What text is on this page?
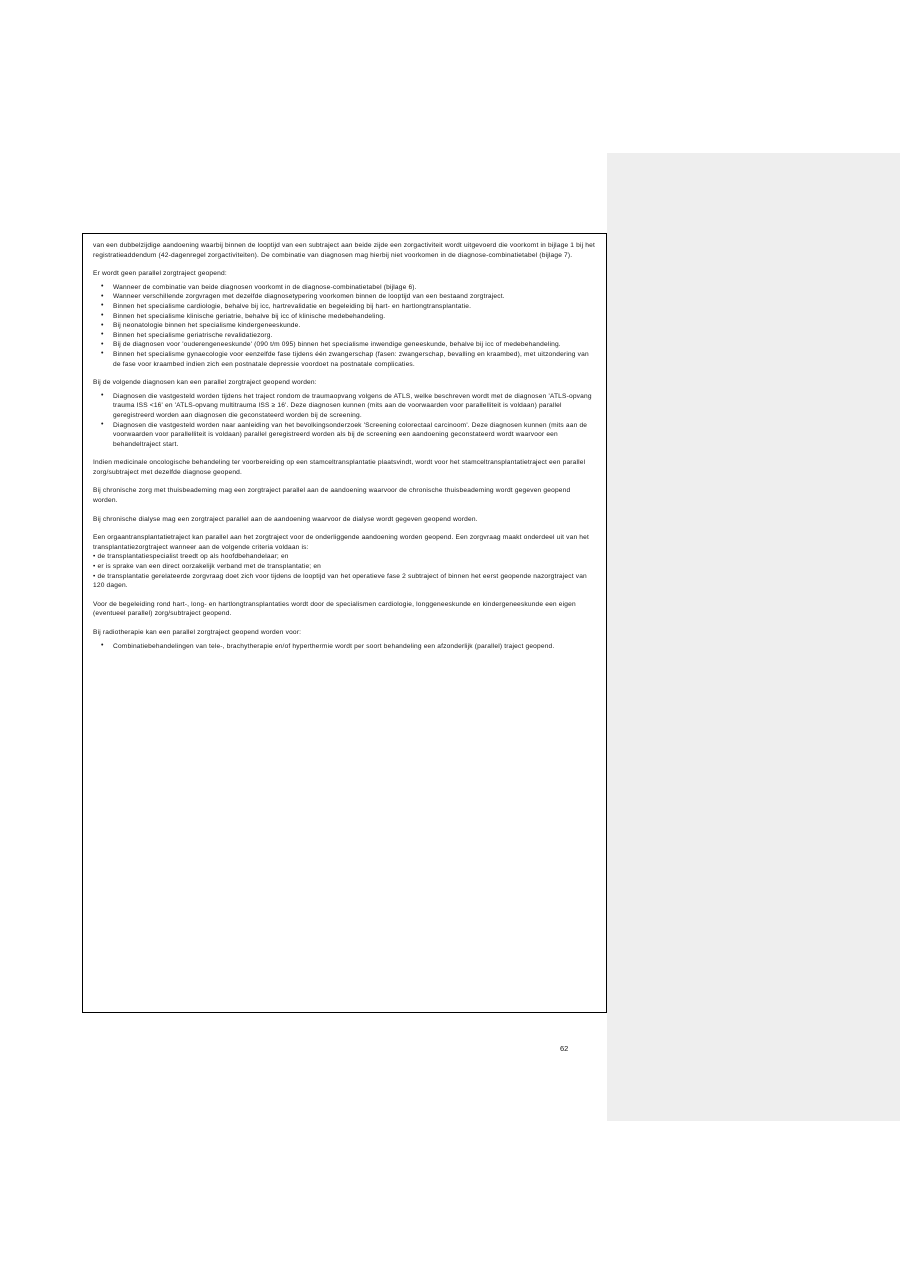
van een dubbelzijdige aandoening waarbij binnen de looptijd van een subtraject aan beide zijde een zorgactiviteit wordt uitgevoerd die voorkomt in bijlage 1 bij het registratieaddendum (42-dagenregel zorgactiviteiten). De combinatie van diagnosen mag hierbij niet voorkomen in de diagnose-combinatietabel (bijlage 7).

Er wordt geen parallel zorgtraject geopend:

• Wanneer de combinatie van beide diagnosen voorkomt in de diagnose-combinatietabel (bijlage 6).
• Wanneer verschillende zorgvragen met dezelfde diagnosetypering voorkomen binnen de looptijd van een bestaand zorgtraject.
• Binnen het specialisme cardiologie, behalve bij icc, hartrevalidatie en begeleiding bij hart- en hartlongtransplantatie.
• Binnen het specialisme klinische geriatrie, behalve bij icc of klinische medebehandeling.
• Bij neonatologie binnen het specialisme kindergeneeskunde.
• Binnen het specialisme geriatrische revalidatiezorg.
• Bij de diagnosen voor 'ouderengeneeskunde' (090 t/m 095) binnen het specialisme inwendige geneeskunde, behalve bij icc of medebehandeling.
• Binnen het specialisme gynaecologie voor eenzelfde fase tijdens één zwangerschap (fasen: zwangerschap, bevalling en kraambed), met uitzondering van de fase voor kraambed indien zich een postnatale depressie voordoet na postnatale complicaties.

Bij de volgende diagnosen kan een parallel zorgtraject geopend worden:

• Diagnosen die vastgesteld worden tijdens het traject rondom de traumaopvang volgens de ATLS, welke beschreven wordt met de diagnosen 'ATLS-opvang trauma ISS <16' en 'ATLS-opvang multitrauma ISS ≥ 16'. Deze diagnosen kunnen (mits aan de voorwaarden voor parallelliteit is voldaan) parallel geregistreerd worden aan diagnosen die geconstateerd worden bij de screening.
• Diagnosen die vastgesteld worden naar aanleiding van het bevolkingsonderzoek 'Screening colorectaal carcinoom'. Deze diagnosen kunnen (mits aan de voorwaarden voor parallelliteit is voldaan) parallel geregistreerd worden als bij de screening een aandoening geconstateerd wordt waarvoor een behandeltraject start.

Indien medicinale oncologische behandeling ter voorbereiding op een stamceltransplantatie plaatsvindt, wordt voor het stamceltransplantatietraject een parallel zorg/subtraject met dezelfde diagnose geopend.

Bij chronische zorg met thuisbeademing mag een zorgtraject parallel aan de aandoening waarvoor de chronische thuisbeademing wordt gegeven geopend worden.

Bij chronische dialyse mag een zorgtraject parallel aan de aandoening waarvoor de dialyse wordt gegeven geopend worden.

Een orgaantransplantatietraject kan parallel aan het zorgtraject voor de onderliggende aandoening worden geopend. Een zorgvraag maakt onderdeel uit van het transplantatiezorgtraject wanneer aan de volgende criteria voldaan is:

• de transplantatiespecialist treedt op als hoofdbehandelaar; en
• er is sprake van een direct oorzakelijk verband met de transplantatie; en
• de transplantatie gerelateerde zorgvraag doet zich voor tijdens de looptijd van het operatieve fase 2 subtraject of binnen het eerst geopende nazorgtraject van 120 dagen.

Voor de begeleiding rond hart-, long- en hartlongtransplantaties wordt door de specialismen cardiologie, longgeneeskunde en kindergeneeskunde een eigen (eventueel parallel) zorg/subtraject geopend.

Bij radiotherapie kan een parallel zorgtraject geopend worden voor:

• Combinatiebehandelingen van tele-, brachytherapie en/of hyperthermie wordt per soort behandeling een afzonderlijk (parallel) traject geopend.
62
